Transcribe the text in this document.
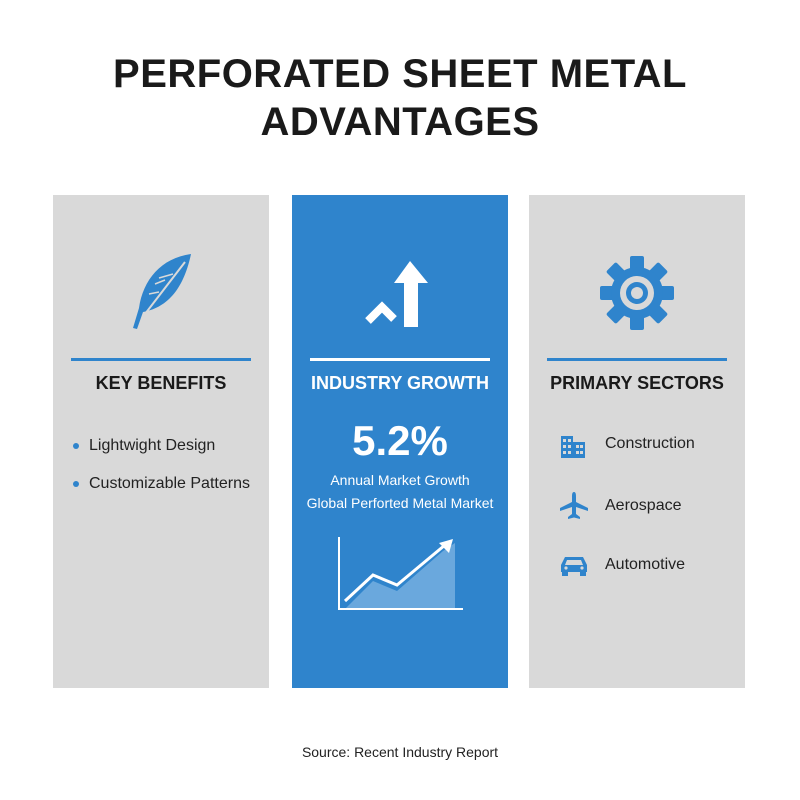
PERFORATED SHEET METAL
ADVANTAGES
KEY BENEFITS
Lightwight Design
Customizable Patterns
INDUSTRY GROWTH
5.2%
Annual Market Growth
Global Perforted Metal Market
PRIMARY SECTORS
Construction
Aerospace
Automotive
Source: Recent Industry Report
